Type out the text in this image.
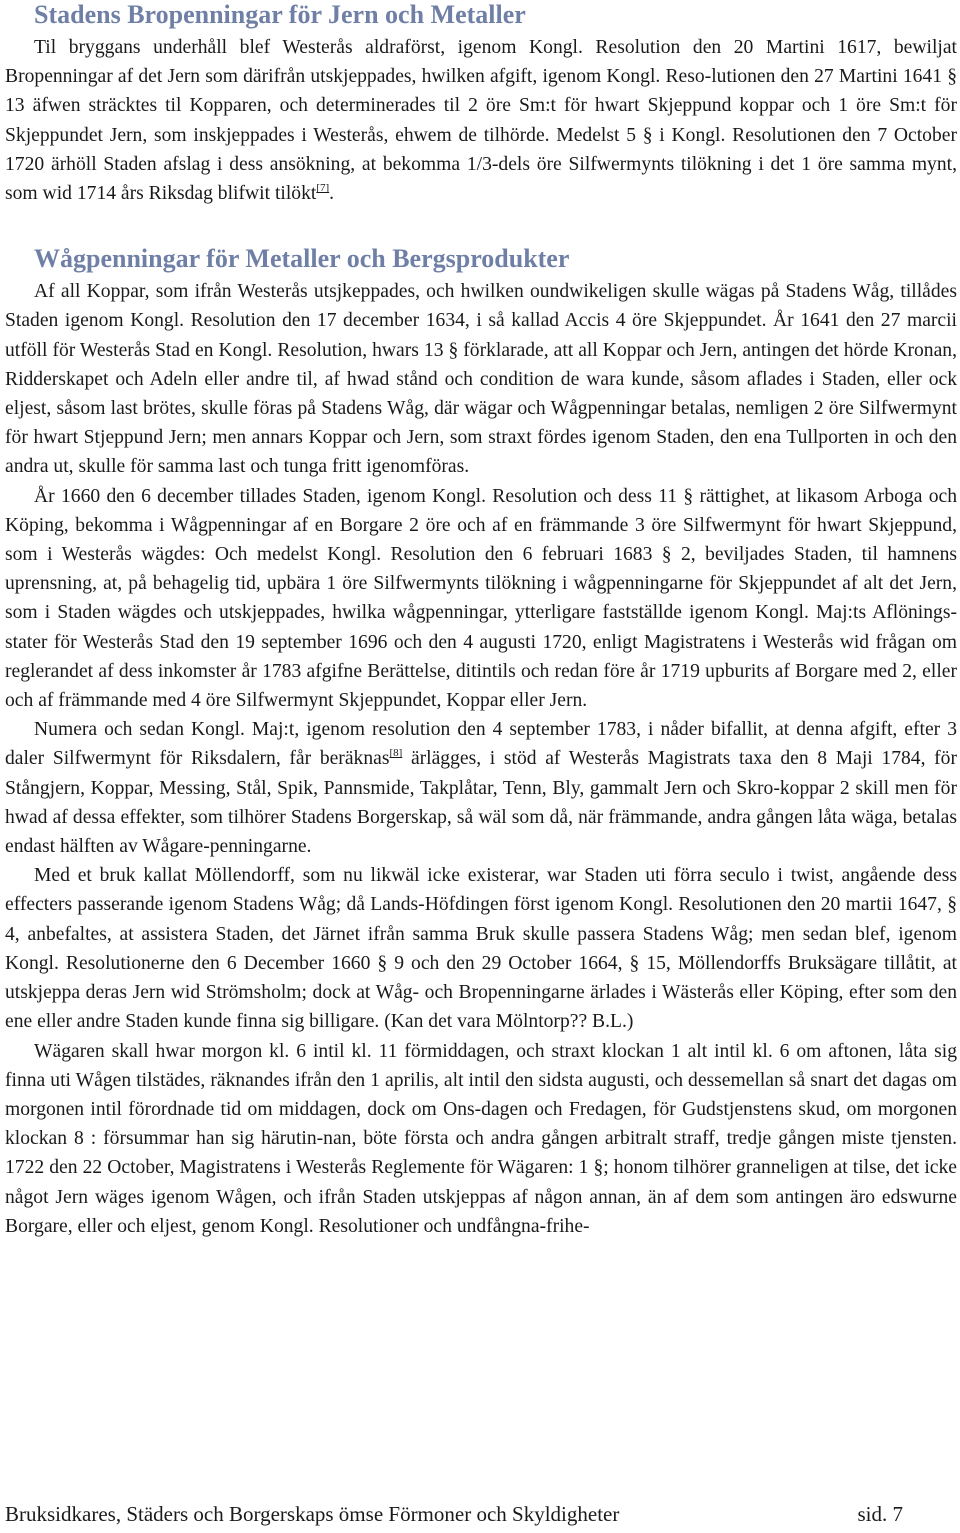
Stadens Bropenningar för Jern och Metaller

Til bryggans underhåll blef Westerås aldraförst, igenom Kongl. Resolution den 20 Martini 1617, bewiljat Bropenningar af det Jern som därifrån utskjeppades, hwilken afgift, igenom Kongl. Reso-lutionen den 27 Martini 1641 § 13 äfwen sträcktes til Kopparen, och determinerades til 2 öre Sm:t för hwart Skjeppund koppar och 1 öre Sm:t för Skjeppundet Jern, som inskjeppades i Westerås, ehwem de tilhörde. Medelst 5 § i Kongl. Resolutionen den 7 October 1720 ärhöll Staden afslag i dess ansökning, at bekomma 1/3-dels öre Silfwermynts tilökning i det 1 öre samma mynt, som wid 1714 års Riksdag blifwit tilökt[7].

Wågpenningar för Metaller och Bergsprodukter

Af all Koppar, som ifrån Westerås utsjkeppades, och hwilken oundwikeligen skulle wägas på Stadens Wåg, tillådes Staden igenom Kongl. Resolution den 17 december 1634, i så kallad Accis 4 öre Skjeppundet. År 1641 den 27 marcii utföll för Westerås Stad en Kongl. Resolution, hwars 13 § förklarade, att all Koppar och Jern, antingen det hörde Kronan, Ridderskapet och Adeln eller andre til, af hwad stånd och condition de wara kunde, såsom aflades i Staden, eller ock eljest, såsom last brötes, skulle föras på Stadens Wåg, där wägar och Wågpenningar betalas, nemligen 2 öre Silfwermynt för hwart Stjeppund Jern; men annars Koppar och Jern, som straxt fördes igenom Staden, den ena Tullporten in och den andra ut, skulle för samma last och tunga fritt igenomföras.

År 1660 den 6 december tillades Staden, igenom Kongl. Resolution och dess 11 § rättighet, at likasom Arboga och Köping, bekomma i Wågpenningar af en Borgare 2 öre och af en främmande 3 öre Silfwermynt för hwart Skjeppund, som i Westerås wägdes: Och medelst Kongl. Resolution den 6 februari 1683 § 2, beviljades Staden, til hamnens uprensning, at, på behagelig tid, upbära 1 öre Silfwermynts tilökning i wågpenningarne för Skjeppundet af alt det Jern, som i Staden wägdes och utskjeppades, hwilka wågpenningar, ytterligare fastställde igenom Kongl. Maj:ts Aflönings-stater för Westerås Stad den 19 september 1696 och den 4 augusti 1720, enligt Magistratens i Westerås wid frågan om reglerandet af dess inkomster år 1783 afgifne Berättelse, ditintils och redan före år 1719 upburits af Borgare med 2, eller och af främmande med 4 öre Silfwermynt Skjeppundet, Koppar eller Jern.

Numera och sedan Kongl. Maj:t, igenom resolution den 4 september 1783, i nåder bifallit, at denna afgift, efter 3 daler Silfwermynt för Riksdalern, får beräknas[8] ärlägges, i stöd af Westerås Magistrats taxa den 8 Maji 1784, för Stångjern, Koppar, Messing, Stål, Spik, Pannsmide, Takplåtar, Tenn, Bly, gammalt Jern och Skro-koppar 2 skill men för hwad af dessa effekter, som tilhörer Stadens Borgerskap, så wäl som då, när främmande, andra gången låta wäga, betalas endast hälften av Wågare-penningarne.

Med et bruk kallat Möllendorff, som nu likwäl icke existerar, war Staden uti förra seculo i twist, angående dess effecters passerande igenom Stadens Wåg; då Lands-Höfdingen först igenom Kongl. Resolutionen den 20 martii 1647, § 4, anbefaltes, at assistera Staden, det Järnet ifrån samma Bruk skulle passera Stadens Wåg; men sedan blef, igenom Kongl. Resolutionerne den 6 December 1660 § 9 och den 29 October 1664, § 15, Möllendorffs Bruksägare tillåtit, at utskjeppa deras Jern wid Strömsholm; dock at Wåg- och Bropenningarne ärlades i Wästerås eller Köping, efter som den ene eller andre Staden kunde finna sig billigare. (Kan det vara Mölntorp?? B.L.)

Wägaren skall hwar morgon kl. 6 intil kl. 11 förmiddagen, och straxt klockan 1 alt intil kl. 6 om aftonen, låta sig finna uti Wågen tilstädes, räknandes ifrån den 1 aprilis, alt intil den sidsta augusti, och dessemellan så snart det dagas om morgonen intil förordnade tid om middagen, dock om Ons-dagen och Fredagen, för Gudstjenstens skud, om morgonen klockan 8 : försummar han sig härutin-nan, böte första och andra gången arbitralt straff, tredje gången miste tjensten. 1722 den 22 October, Magistratens i Westerås Reglemente för Wägaren: 1 §; honom tilhörer granneligen at tilse, det icke något Jern wäges igenom Wågen, och ifrån Staden utskjeppas af någon annan, än af dem som antingen äro edswurne Borgare, eller och eljest, genom Kongl. Resolutioner och undfångna-frihe-

Bruksidkares, Städers och Borgerskaps ömse Förmoner och Skyldigheter	sid. 7
